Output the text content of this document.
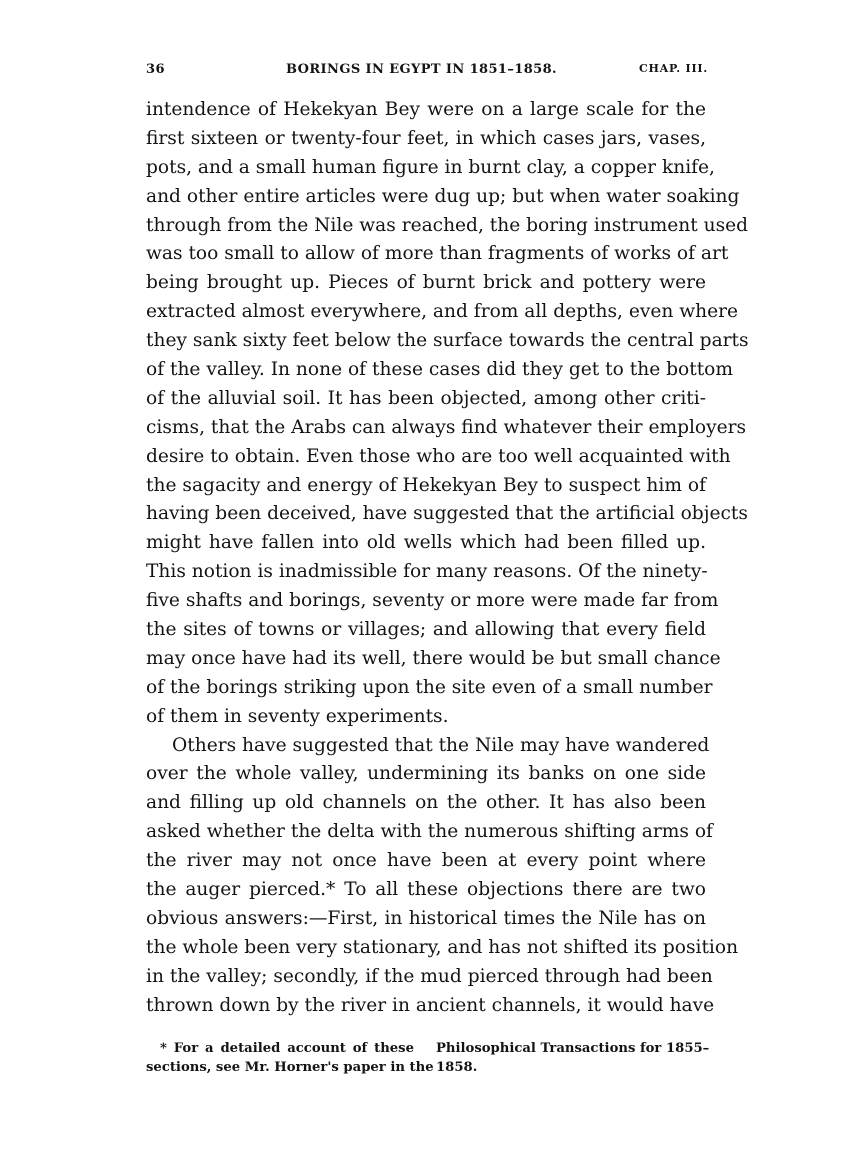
36	BORINGS IN EGYPT IN 1851–1858.	CHAP. III.
intendence of Hekekyan Bey were on a large scale for the
first sixteen or twenty-four feet, in which cases jars, vases,
pots, and a small human figure in burnt clay, a copper knife,
and other entire articles were dug up; but when water soaking
through from the Nile was reached, the boring instrument used
was too small to allow of more than fragments of works of art
being brought up. Pieces of burnt brick and pottery were
extracted almost everywhere, and from all depths, even where
they sank sixty feet below the surface towards the central parts
of the valley. In none of these cases did they get to the bottom
of the alluvial soil. It has been objected, among other criti-
cisms, that the Arabs can always find whatever their employers
desire to obtain. Even those who are too well acquainted with
the sagacity and energy of Hekekyan Bey to suspect him of
having been deceived, have suggested that the artificial objects
might have fallen into old wells which had been filled up.
This notion is inadmissible for many reasons. Of the ninety-
five shafts and borings, seventy or more were made far from
the sites of towns or villages; and allowing that every field
may once have had its well, there would be but small chance
of the borings striking upon the site even of a small number
of them in seventy experiments.
Others have suggested that the Nile may have wandered
over the whole valley, undermining its banks on one side
and filling up old channels on the other. It has also been
asked whether the delta with the numerous shifting arms of
the river may not once have been at every point where
the auger pierced.* To all these objections there are two
obvious answers:—First, in historical times the Nile has on
the whole been very stationary, and has not shifted its position
in the valley; secondly, if the mud pierced through had been
thrown down by the river in ancient channels, it would have
* For a detailed account of these
sections, see Mr. Horner's paper in the
Philosophical Transactions for 1855–
1858.
